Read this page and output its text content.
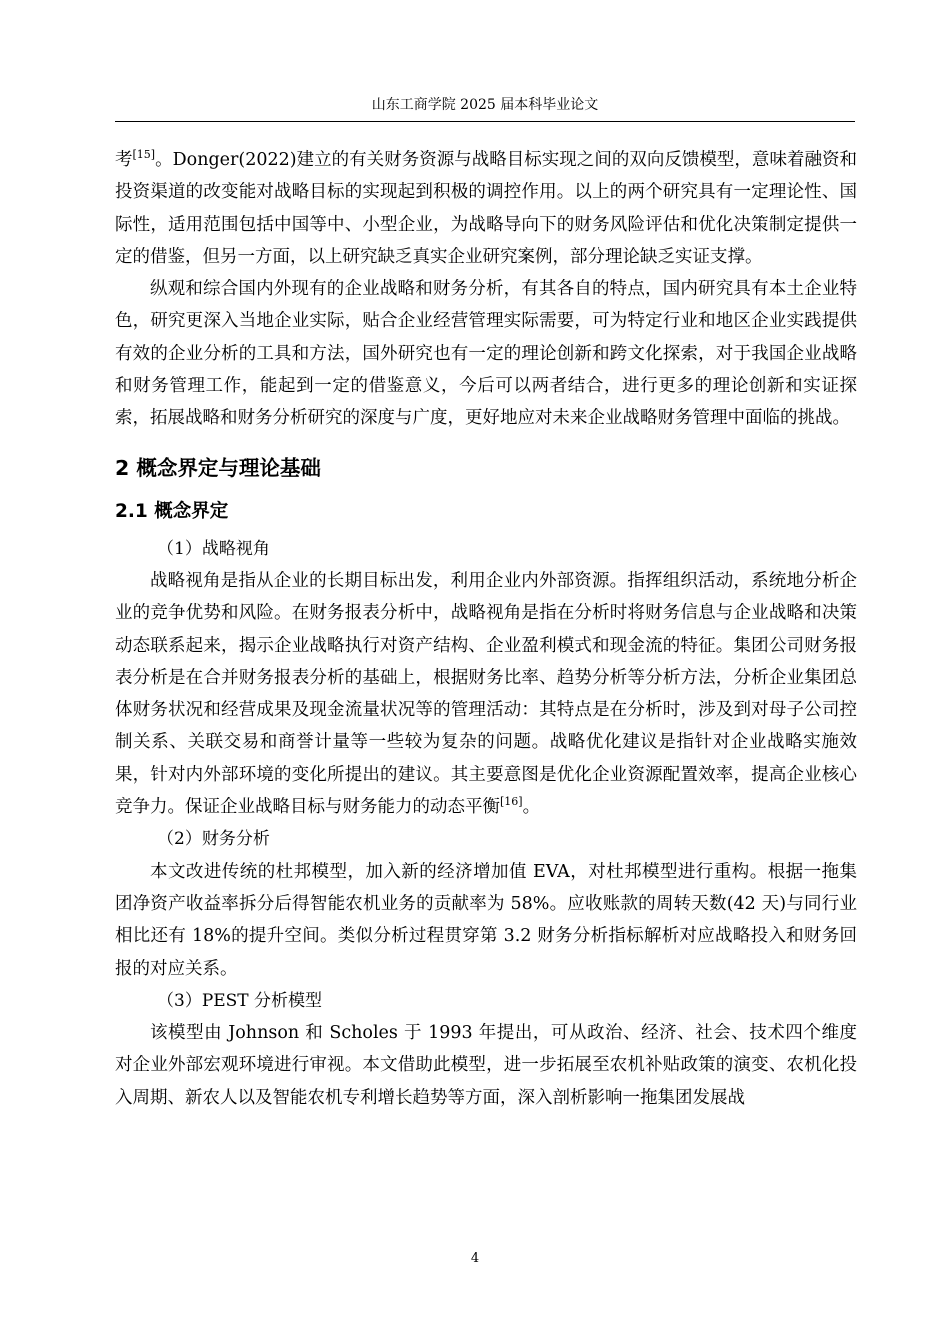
山东工商学院 2025 届本科毕业论文

考[15]。Donger(2022)建立的有关财务资源与战略目标实现之间的双向反馈模型，意味着融资和投资渠道的改变能对战略目标的实现起到积极的调控作用。以上的两个研究具有一定理论性、国际性，适用范围包括中国等中、小型企业，为战略导向下的财务风险评估和优化决策制定提供一定的借鉴，但另一方面，以上研究缺乏真实企业研究案例，部分理论缺乏实证支撑。

纵观和综合国内外现有的企业战略和财务分析，有其各自的特点，国内研究具有本土企业特色，研究更深入当地企业实际，贴合企业经营管理实际需要，可为特定行业和地区企业实践提供有效的企业分析的工具和方法，国外研究也有一定的理论创新和跨文化探索，对于我国企业战略和财务管理工作，能起到一定的借鉴意义，今后可以两者结合，进行更多的理论创新和实证探索，拓展战略和财务分析研究的深度与广度，更好地应对未来企业战略财务管理中面临的挑战。

2 概念界定与理论基础
2.1 概念界定

（1）战略视角

战略视角是指从企业的长期目标出发，利用企业内外部资源。指挥组织活动，系统地分析企业的竞争优势和风险。在财务报表分析中，战略视角是指在分析时将财务信息与企业战略和决策动态联系起来，揭示企业战略执行对资产结构、企业盈利模式和现金流的特征。集团公司财务报表分析是在合并财务报表分析的基础上，根据财务比率、趋势分析等分析方法，分析企业集团总体财务状况和经营成果及现金流量状况等的管理活动：其特点是在分析时，涉及到对母子公司控制关系、关联交易和商誉计量等一些较为复杂的问题。战略优化建议是指针对企业战略实施效果，针对内外部环境的变化所提出的建议。其主要意图是优化企业资源配置效率，提高企业核心竞争力。保证企业战略目标与财务能力的动态平衡[16]。

（2）财务分析

本文改进传统的杜邦模型，加入新的经济增加值 EVA，对杜邦模型进行重构。根据一拖集团净资产收益率拆分后得智能农机业务的贡献率为 58%。应收账款的周转天数(42 天)与同行业相比还有 18%的提升空间。类似分析过程贯穿第 3.2 财务分析指标解析对应战略投入和财务回报的对应关系。

（3）PEST 分析模型

该模型由 Johnson 和 Scholes 于 1993 年提出，可从政治、经济、社会、技术四个维度对企业外部宏观环境进行审视。本文借助此模型，进一步拓展至农机补贴政策的演变、农机化投入周期、新农人以及智能农机专利增长趋势等方面，深入剖析影响一拖集团发展战

4
